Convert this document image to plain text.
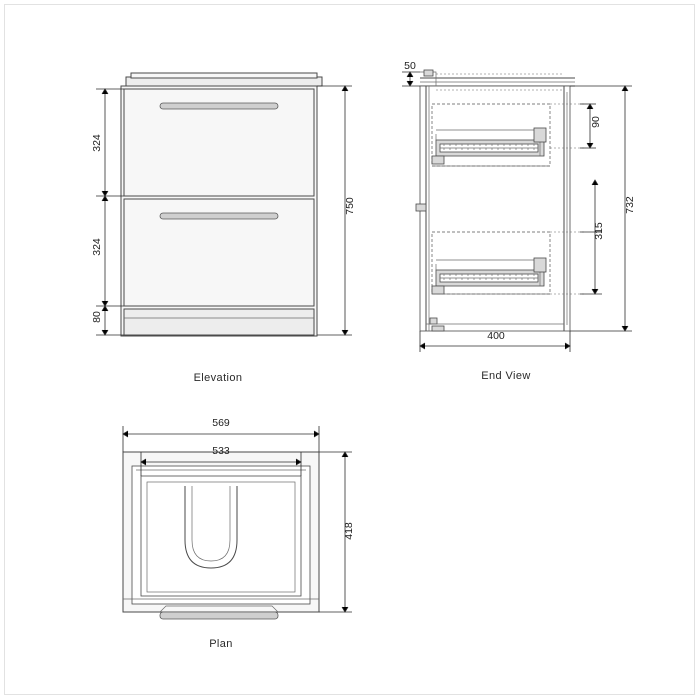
324
324
80
750
Elevation
50
90
315
732
400
End View
569
533
418
Plan
